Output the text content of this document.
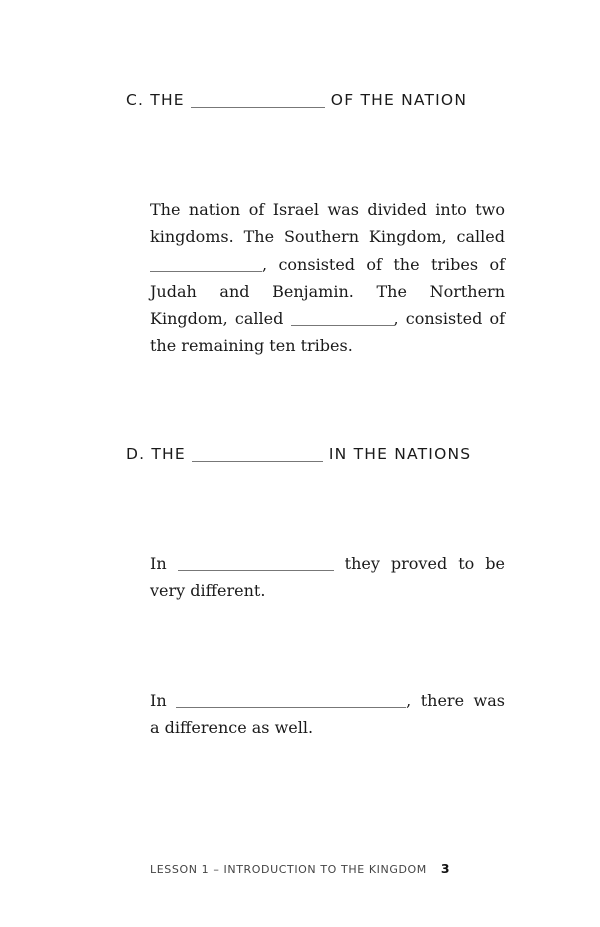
C. THE	OF THE NATION
The nation of Israel was divided into two kingdoms. The Southern Kingdom, called , consisted of the tribes of Judah and Benjamin. The Northern Kingdom, called	, consisted of the remaining ten tribes.
D. THE	IN THE NATIONS
In	they proved to be very different.
In	, there was a difference as well.
LESSON 1 – INTRODUCTION TO THE KINGDOM 3
